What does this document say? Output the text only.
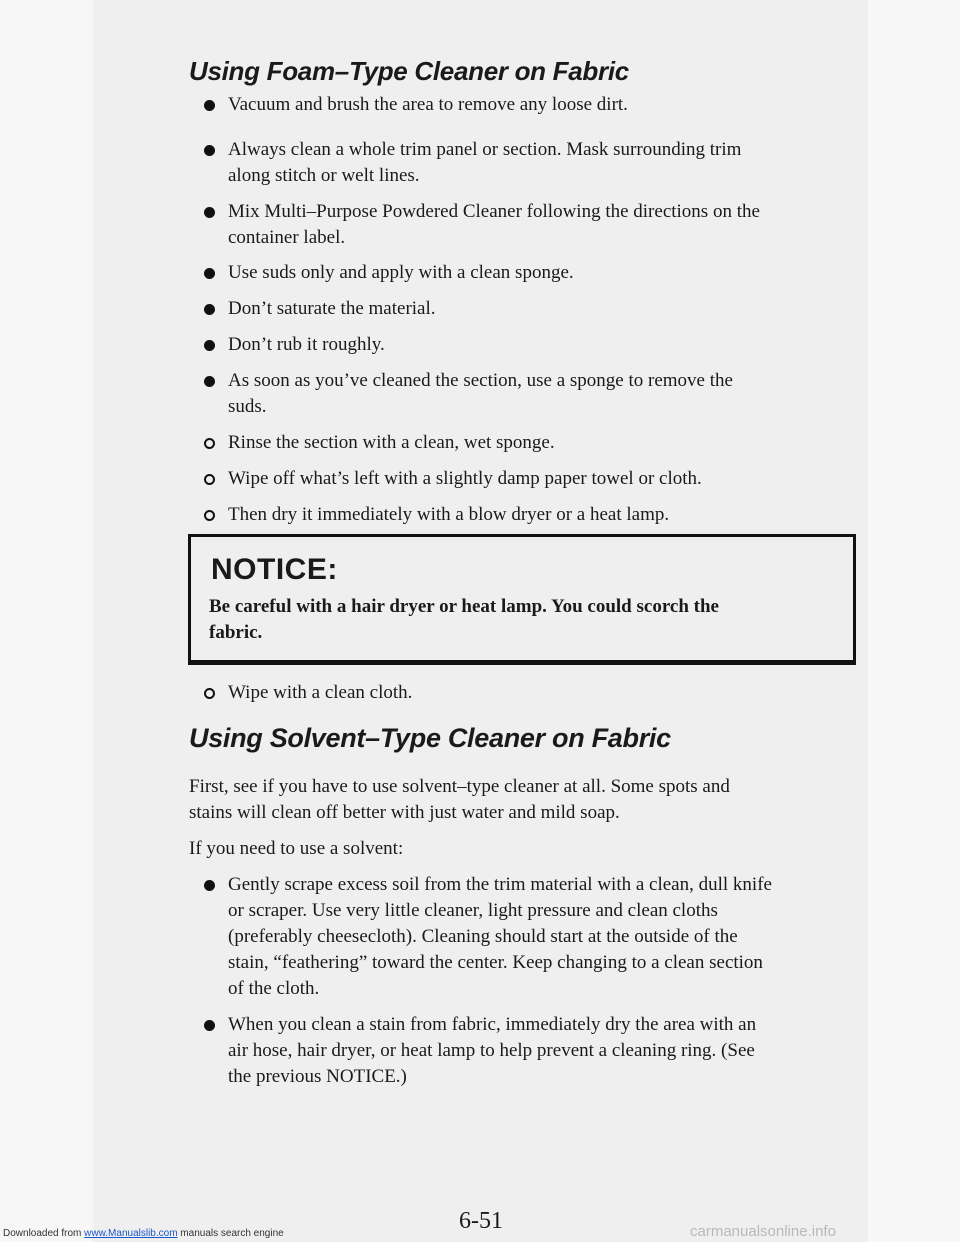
Using Foam–Type Cleaner on Fabric
Vacuum and brush the area to remove any loose dirt.
Always clean a whole trim panel or section. Mask surrounding trim
along stitch or welt lines.
Mix Multi–Purpose Powdered Cleaner following the directions on the
container label.
Use suds only and apply with a clean sponge.
Don’t saturate the material.
Don’t rub it roughly.
As soon as you’ve cleaned the section, use a sponge to remove the
suds.
Rinse the section with a clean, wet sponge.
Wipe off what’s left with a slightly damp paper towel or cloth.
Then dry it immediately with a blow dryer or a heat lamp.
NOTICE:
Be careful with a hair dryer or heat lamp. You could scorch the
fabric.
Wipe with a clean cloth.
Using Solvent–Type Cleaner on Fabric
First, see if you have to use solvent–type cleaner at all. Some spots and
stains will clean off better with just water and mild soap.
If you need to use a solvent:
Gently scrape excess soil from the trim material with a clean, dull knife
or scraper. Use very little cleaner, light pressure and clean cloths
(preferably cheesecloth). Cleaning should start at the outside of the
stain, “feathering” toward the center. Keep changing to a clean section
of the cloth.
When you clean a stain from fabric, immediately dry the area with an
air hose, hair dryer, or heat lamp to help prevent a cleaning ring. (See
the previous NOTICE.)
6-51
Downloaded from www.Manualslib.com manuals search engine	carmanualsonline.info
